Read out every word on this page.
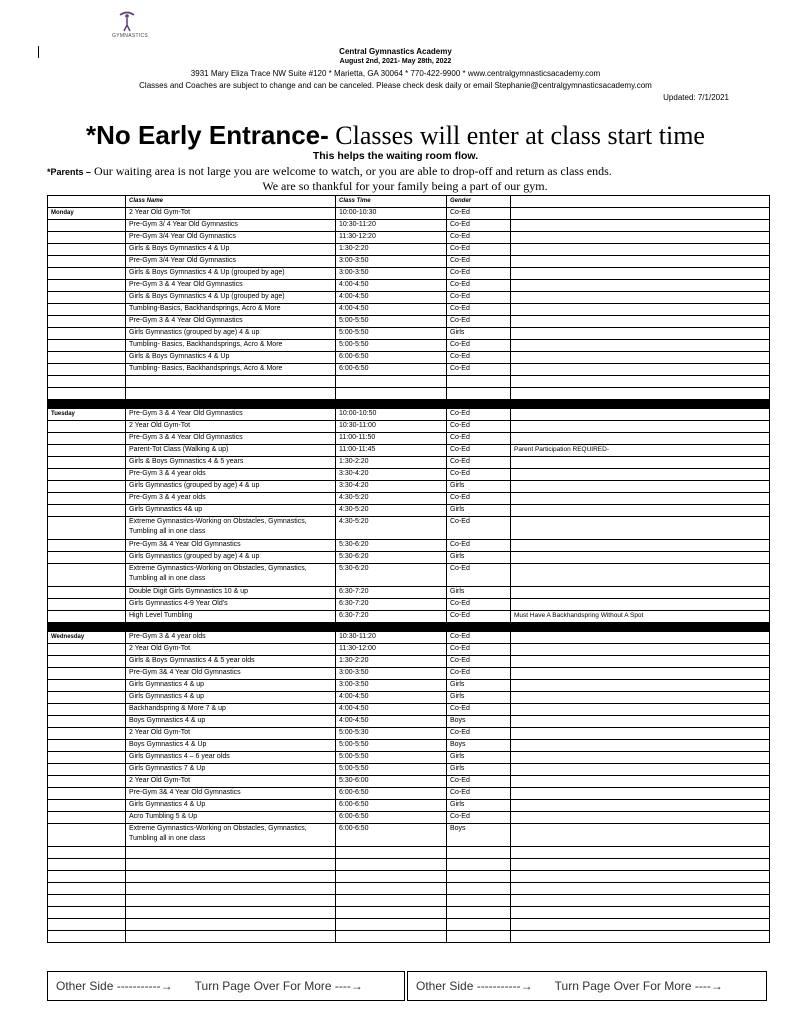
GYMNASTICS
Central Gymnastics Academy
August 2nd, 2021- May 28th, 2022
3931 Mary Eliza Trace NW Suite #120 * Marietta, GA 30064 * 770-422-9900 * www.centralgymnasticsacademy.com
Classes and Coaches are subject to change and can be canceled. Please check desk daily or email Stephanie@centralgymnasticsacademy.com
Updated: 7/1/2021
*No Early Entrance- Classes will enter at class start time
This helps the waiting room flow.
*Parents – Our waiting area is not large you are welcome to watch, or you are able to drop-off and return as class ends.
We are so thankful for your family being a part of our gym.
	Class Name	Class Time	Gender	
Monday	2 Year Old Gym-Tot	10:00-10:30	Co-Ed	
	Pre-Gym 3/ 4 Year Old Gymnastics	10:30-11:20	Co-Ed	
	Pre-Gym 3/4 Year Old Gymnastics	11:30-12:20	Co-Ed	
	Girls & Boys Gymnastics 4 & Up	1:30-2:20	Co-Ed	
	Pre-Gym 3/4 Year Old Gymnastics	3:00-3:50	Co-Ed	
	Girls & Boys Gymnastics 4 & Up (grouped by age)	3:00-3:50	Co-Ed	
	Pre-Gym 3 & 4 Year Old Gymnastics	4:00-4:50	Co-Ed	
	Girls & Boys Gymnastics 4 & Up (grouped by age)	4:00-4:50	Co-Ed	
	Tumbling-Basics, Backhandsprings, Acro & More	4:00-4:50	Co-Ed	
	Pre-Gym 3 & 4 Year Old Gymnastics	5:00-5:50	Co-Ed	
	Girls Gymnastics (grouped by age) 4 & up	5:00-5:50	Girls	
	Tumbling- Basics, Backhandsprings, Acro & More	5:00-5:50	Co-Ed	
	Girls & Boys Gymnastics 4 & Up	6:00-6:50	Co-Ed	
	Tumbling- Basics, Backhandsprings, Acro & More	6:00-6:50	Co-Ed	

Tuesday	Pre-Gym 3 & 4 Year Old Gymnastics	10:00-10:50	Co-Ed	
	2 Year Old Gym-Tot	10:30-11:00	Co-Ed	
	Pre-Gym 3 & 4 Year Old Gymnastics	11:00-11:50	Co-Ed	
	Parent-Tot Class (Walking & up)	11:00-11:45	Co-Ed	Parent Participation REQUIRED-
	Girls & Boys Gymnastics 4 & 5 years	1:30-2:20	Co-Ed	
	Pre-Gym 3 & 4 year olds	3:30-4:20	Co-Ed	
	Girls Gymnastics (grouped by age) 4 & up	3:30-4:20	Girls	
	Pre-Gym 3 & 4 year olds	4:30-5:20	Co-Ed	
	Girls Gymnastics 4& up	4:30-5:20	Girls	
	Extreme Gymnastics-Working on Obstacles, Gymnastics, Tumbling all in one class	4:30-5:20	Co-Ed	
	Pre-Gym 3& 4 Year Old Gymnastics	5:30-6:20	Co-Ed	
	Girls Gymnastics (grouped by age) 4 & up	5:30-6:20	Girls	
	Extreme Gymnastics-Working on Obstacles, Gymnastics, Tumbling all in one class	5:30-6:20	Co-Ed	
	Double Digit Girls Gymnastics 10 & up	6:30-7:20	Girls	
	Girls Gymnastics 4-9 Year Old's	6:30-7:20	Co-Ed	
	High Level Tumbling	6:30-7:20	Co-Ed	Must Have A Backhandspring Without A Spot

Wednesday	Pre-Gym 3 & 4 year olds	10:30-11:20	Co-Ed	
	2 Year Old Gym-Tot	11:30-12:00	Co-Ed	
	Girls & Boys Gymnastics 4 & 5 year olds	1:30-2:20	Co-Ed	
	Pre-Gym 3& 4 Year Old Gymnastics	3:00-3:50	Co-Ed	
	Girls Gymnastics 4 & up	3:00-3:50	Girls	
	Girls Gymnastics 4 & up	4:00-4:50	Girls	
	Backhandspring & More 7 & up	4:00-4:50	Co-Ed	
	Boys Gymnastics 4 & up	4:00-4:50	Boys	
	2 Year Old Gym-Tot	5:00-5:30	Co-Ed	
	Boys Gymnastics 4 & Up	5:00-5:50	Boys	
	Girls Gymnastics 4 – 6 year olds	5:00-5:50	Girls	
	Girls Gymnastics 7 & Up	5:00-5:50	Girls	
	2 Year Old Gym-Tot	5:30-6:00	Co-Ed	
	Pre-Gym 3& 4 Year Old Gymnastics	6:00-6:50	Co-Ed	
	Girls Gymnastics 4 & Up	6:00-6:50	Girls	
	Acro Tumbling 5 & Up	6:00-6:50	Co-Ed	
	Extreme Gymnastics-Working on Obstacles, Gymnastics, Tumbling all in one class	6:00-6:50	Boys	

Other Side -----------→	Turn Page Over For More ----→	Other Side -----------→	Turn Page Over For More ----→
